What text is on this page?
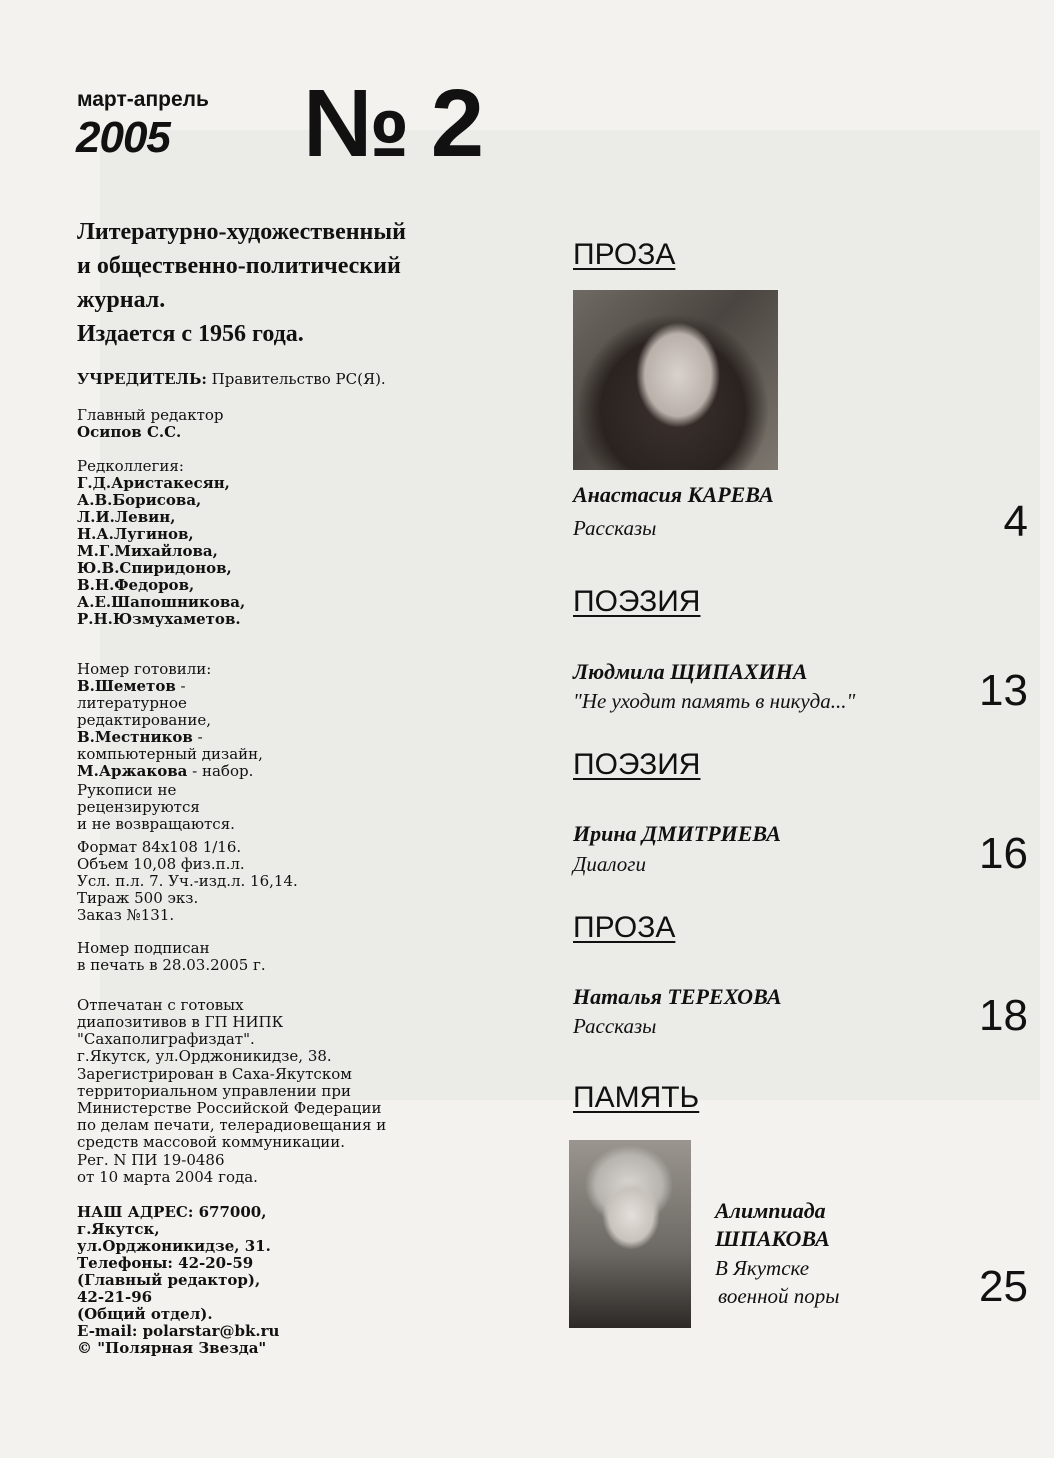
март-апрель
2005 № 2
Литературно-художественный
и общественно-политический
журнал.
Издается с 1956 года.
УЧРЕДИТЕЛЬ: Правительство РС(Я).
Главный редактор
Осипов С.С.
Редколлегия:
Г.Д.Аристакесян,
А.В.Борисова,
Л.И.Левин,
Н.А.Лугинов,
М.Г.Михайлова,
Ю.В.Спиридонов,
В.Н.Федоров,
А.Е.Шапошникова,
Р.Н.Юзмухаметов.
Номер готовили:
В.Шеметов -
литературное
редактирование,
В.Местников -
компьютерный дизайн,
М.Аржакова - набор.
Рукописи не
рецензируются
и не возвращаются.
Формат 84x108 1/16.
Объем 10,08 физ.п.л.
Усл. п.л. 7. Уч.-изд.л. 16,14.
Тираж 500 экз.
Заказ №131.
Номер подписан
в печать в 28.03.2005 г.
Отпечатан с готовых
диапозитивов в ГП НИПК
"Сахаполиграфиздат".
г.Якутск, ул.Орджоникидзе, 38.
Зарегистрирован в Саха-Якутском
территориальном управлении при
Министерстве Российской Федерации
по делам печати, телерадиовещания и
средств массовой коммуникации.
Рег. N ПИ 19-0486
от 10 марта 2004 года.
НАШ АДРЕС: 677000,
г.Якутск,
ул.Орджоникидзе, 31.
Телефоны: 42-20-59
(Главный редактор),
42-21-96
(Общий отдел).
E-mail: polarstar@bk.ru
© "Полярная Звезда"
ПРОЗА
Анастасия КАРЕВА
Рассказы	4
ПОЭЗИЯ
Людмила ЩИПАХИНА
"Не уходит память в никуда..."	13
ПОЭЗИЯ
Ирина ДМИТРИЕВА
Диалоги	16
ПРОЗА
Наталья ТЕРЕХОВА
Рассказы	18
ПАМЯТЬ
Алимпиада
ШПАКОВА
В Якутске
военной поры	25
